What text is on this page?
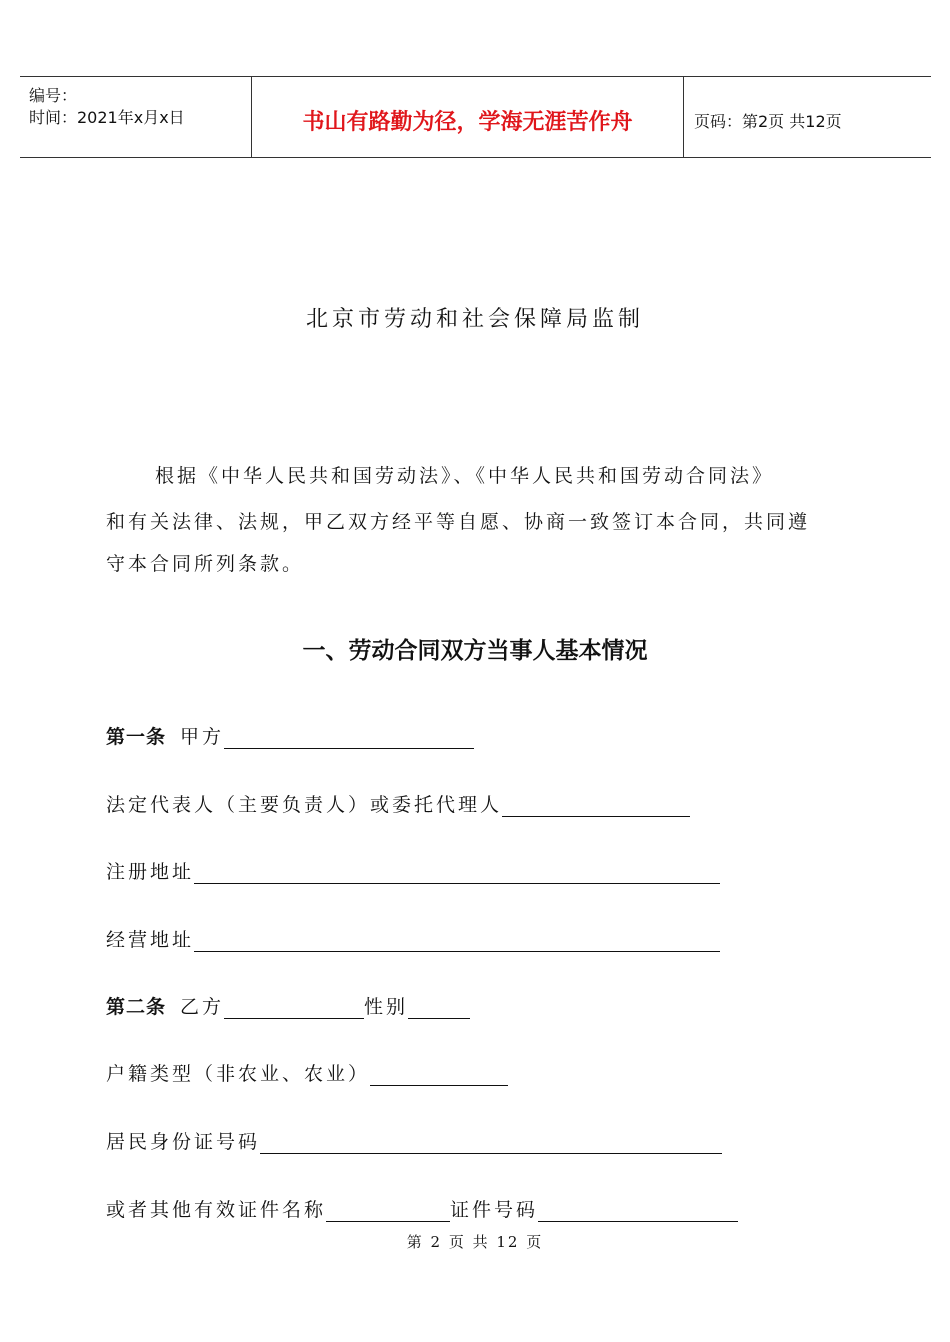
编号：
时间：2021年x月x日	书山有路勤为径，学海无涯苦作舟	页码：第2页 共12页
北京市劳动和社会保障局监制
根据《中华人民共和国劳动法》、《中华人民共和国劳动合同法》
和有关法律、法规，甲乙双方经平等自愿、协商一致签订本合同，共同遵
守本合同所列条款。
一、劳动合同双方当事人基本情况
第一条 甲方
法定代表人（主要负责人）或委托代理人
注册地址
经营地址
第二条 乙方	性别
户籍类型（非农业、农业）
居民身份证号码
或者其他有效证件名称	证件号码
第 2 页 共 12 页
